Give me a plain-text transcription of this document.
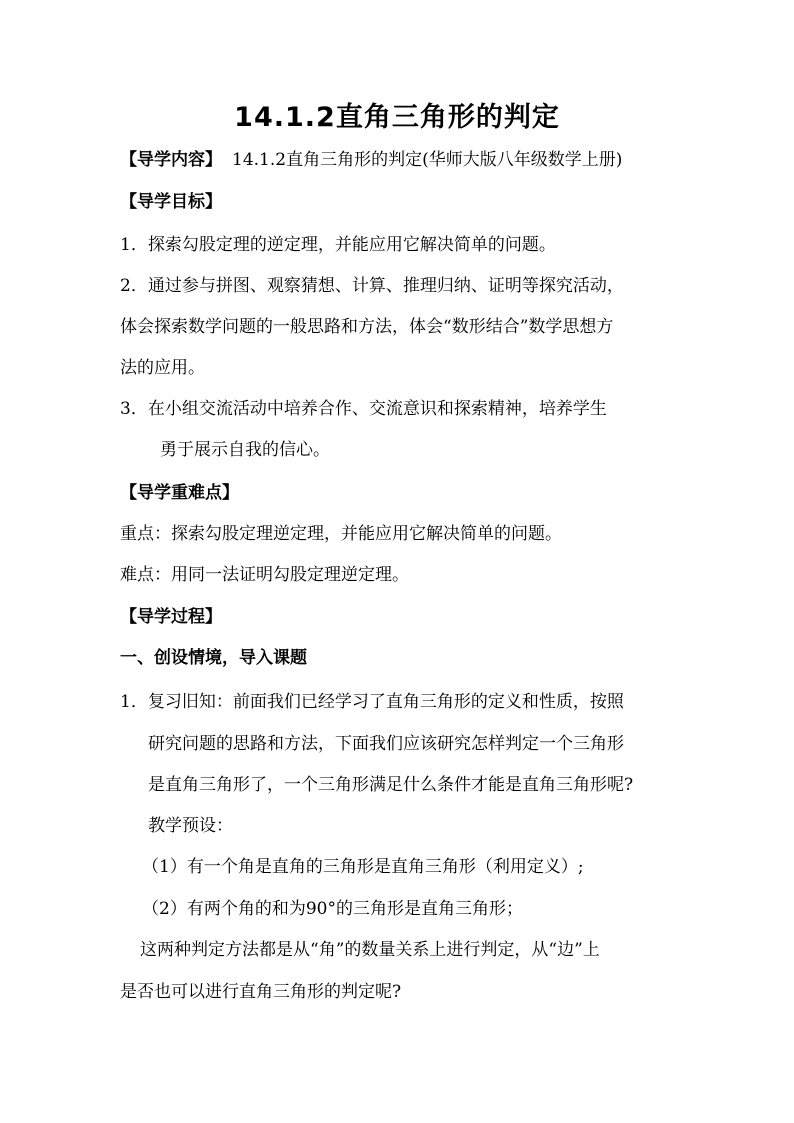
14.1.2直角三角形的判定
【导学内容】 14.1.2直角三角形的判定(华师大版八年级数学上册)
【导学目标】
1．探索勾股定理的逆定理，并能应用它解决简单的问题。
2．通过参与拼图、观察猜想、计算、推理归纳、证明等探究活动，
体会探索数学问题的一般思路和方法，体会“数形结合”数学思想方
法的应用。
3．在小组交流活动中培养合作、交流意识和探索精神，培养学生
勇于展示自我的信心。
【导学重难点】
重点：探索勾股定理逆定理，并能应用它解决简单的问题。
难点：用同一法证明勾股定理逆定理。
【导学过程】
一、创设情境，导入课题
1．复习旧知：前面我们已经学习了直角三角形的定义和性质，按照
研究问题的思路和方法，下面我们应该研究怎样判定一个三角形
是直角三角形了，一个三角形满足什么条件才能是直角三角形呢?
教学预设：
（1）有一个角是直角的三角形是直角三角形（利用定义）;
（2）有两个角的和为90°的三角形是直角三角形；
这两种判定方法都是从“角”的数量关系上进行判定，从“边”上
是否也可以进行直角三角形的判定呢?
